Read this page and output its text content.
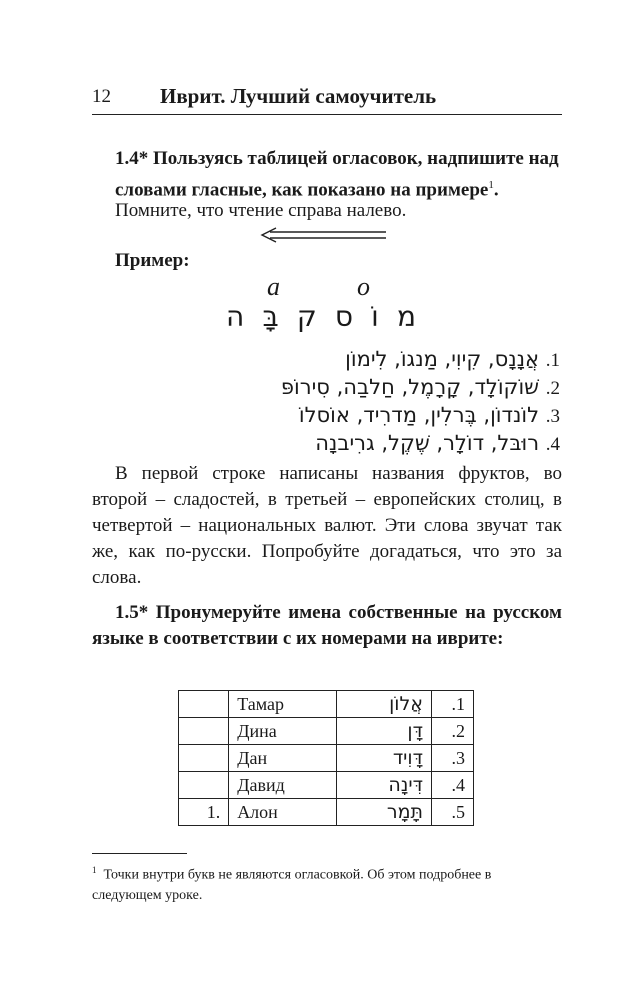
12 Иврит. Лучший самоучитель
1.4* Пользуясь таблицей огласовок, надпишите над словами гласные, как показано на примере$^1$.
Помните, что чтение справа налево.
Пример:
a	o
מ
וֹ
ס
ק
בָּ
ה
1. אֲנָנָס, קִיוִי, מַנגוֹ, לִימוֹן
2. שׁוֹקוֹלָד, קָרָמֶל, חַלבַה, סִירוֹפּ
3. לוֹנדוֹן, בֶּרלִין, מַדרִיד, אוֹסלוֹ
4. רוּבּל, דוֹלָר, שֶׁקֶל, גרִיבנָה

В первой строке написаны названия фруктов, во второй – сладостей, в третьей – европейских столиц, в четвертой – национальных валют. Эти слова звучат так же, как по-русски. Попробуйте догадаться, что это за слова.

1.5* Пронумеруйте имена собственные на русском языке в соответствии с их номерами на иврите:
	Тамар	אֲלוֹן	.1
	Дина	דָּן	.2
	Дан	דָּוִיד	.3
	Давид	דִּינָה	.4
1.	Алон	תָּמָר	.5
$^1$ Точки внутри букв не являются огласовкой. Об этом подробнее в следующем уроке.
